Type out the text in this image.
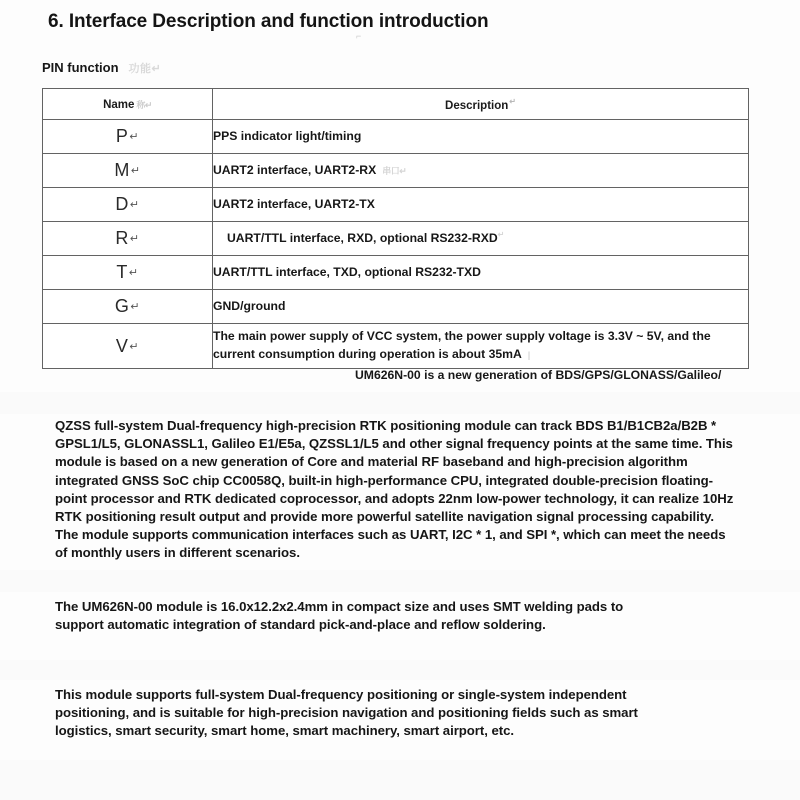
6. Interface Description and function introduction
⌐
PIN function 功能↵
Name 称↵	Description↵
P↵	PPS indicator light/timing
M↵	UART2 interface, UART2-RX 串口↵
D↵	UART2 interface, UART2-TX
R↵	UART/TTL interface, RXD, optional RS232-RXD↵
T↵	UART/TTL interface, TXD, optional RS232-TXD
G↵	GND/ground
V↵	The main power supply of VCC system, the power supply voltage is 3.3V ~ 5V, and the current consumption during operation is about 35mA |
UM626N-00 is a new generation of BDS/GPS/GLONASS/Galileo/

QZSS full-system Dual-frequency high-precision RTK positioning module can track BDS B1/B1CB2a/B2B * GPSL1/L5, GLONASSL1, Galileo E1/E5a, QZSSL1/L5 and other signal frequency points at the same time. This module is based on a new generation of Core and material RF baseband and high-precision algorithm integrated GNSS SoC chip CC0058Q, built-in high-performance CPU, integrated double-precision floating-point processor and RTK dedicated coprocessor, and adopts 22nm low-power technology, it can realize 10Hz RTK positioning result output and provide more powerful satellite navigation signal processing capability. The module supports communication interfaces such as UART, I2C * 1, and SPI *, which can meet the needs of monthly users in different scenarios.

The UM626N-00 module is 16.0x12.2x2.4mm in compact size and uses SMT welding pads to support automatic integration of standard pick-and-place and reflow soldering.

This module supports full-system Dual-frequency positioning or single-system independent positioning, and is suitable for high-precision navigation and positioning fields such as smart logistics, smart security, smart home, smart machinery, smart airport, etc.
